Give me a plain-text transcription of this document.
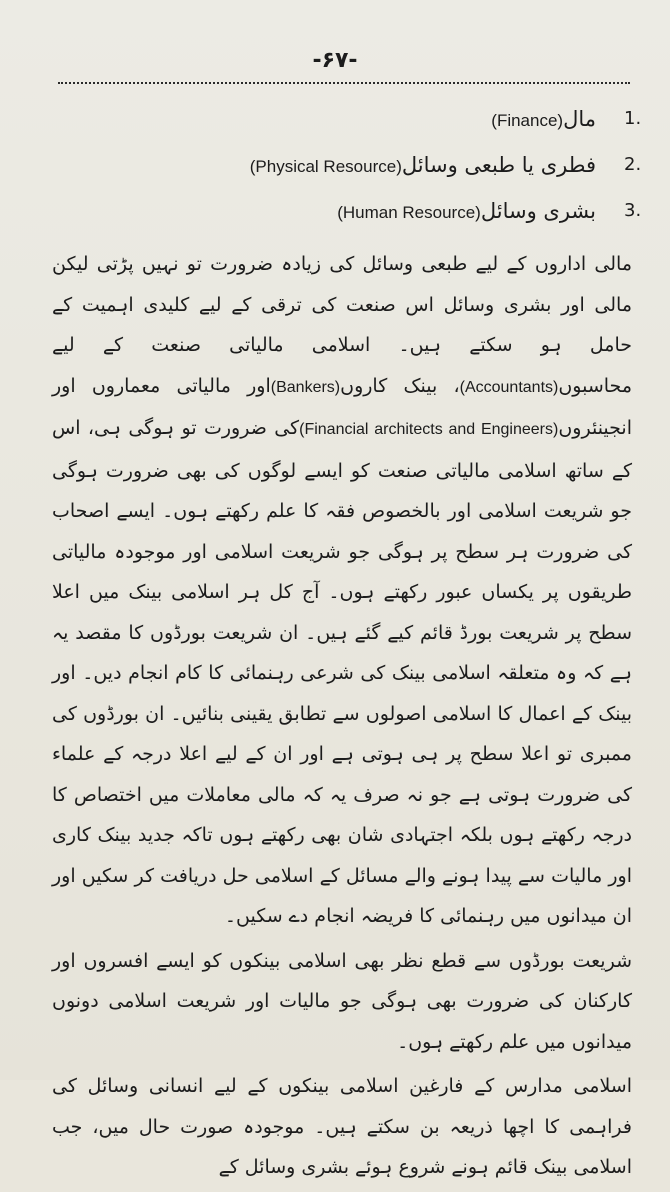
-۶۷-
1.
مال(Finance)
2.
فطری یا طبعی وسائل(Physical Resource)
3.
بشری وسائل(Human Resource)

مالی اداروں کے لیے طبعی وسائل کی زیادہ ضرورت تو نہیں پڑتی لیکن مالی اور بشری وسائل اس صنعت کی ترقی کے لیے کلیدی اہمیت کے حامل ہو سکتے ہیں۔ اسلامی مالیاتی صنعت کے لیے محاسبوں(Accountants)، بینک کاروں(Bankers)اور مالیاتی معماروں اور انجینئروں(Financial architects and Engineers)کی ضرورت تو ہوگی ہی، اس کے ساتھ اسلامی مالیاتی صنعت کو ایسے لوگوں کی بھی ضرورت ہوگی جو شریعت اسلامی اور بالخصوص فقہ کا علم رکھتے ہوں۔ ایسے اصحاب کی ضرورت ہر سطح پر ہوگی جو شریعت اسلامی اور موجودہ مالیاتی طریقوں پر یکساں عبور رکھتے ہوں۔ آج کل ہر اسلامی بینک میں اعلا سطح پر شریعت بورڈ قائم کیے گئے ہیں۔ ان شریعت بورڈوں کا مقصد یہ ہے کہ وہ متعلقہ اسلامی بینک کی شرعی رہنمائی کا کام انجام دیں۔ اور بینک کے اعمال کا اسلامی اصولوں سے تطابق یقینی بنائیں۔ ان بورڈوں کی ممبری تو اعلا سطح پر ہی ہوتی ہے اور ان کے لیے اعلا درجہ کے علماء کی ضرورت ہوتی ہے جو نہ صرف یہ کہ مالی معاملات میں اختصاص کا درجہ رکھتے ہوں بلکہ اجتہادی شان بھی رکھتے ہوں تاکہ جدید بینک کاری اور مالیات سے پیدا ہونے والے مسائل کے اسلامی حل دریافت کر سکیں اور ان میدانوں میں رہنمائی کا فریضہ انجام دے سکیں۔

شریعت بورڈوں سے قطع نظر بھی اسلامی بینکوں کو ایسے افسروں اور کارکنان کی ضرورت بھی ہوگی جو مالیات اور شریعت اسلامی دونوں میدانوں میں علم رکھتے ہوں۔

اسلامی مدارس کے فارغین اسلامی بینکوں کے لیے انسانی وسائل کی فراہمی کا اچھا ذریعہ بن سکتے ہیں۔ موجودہ صورت حال میں، جب اسلامی بینک قائم ہونے شروع ہوئے بشری وسائل کے
